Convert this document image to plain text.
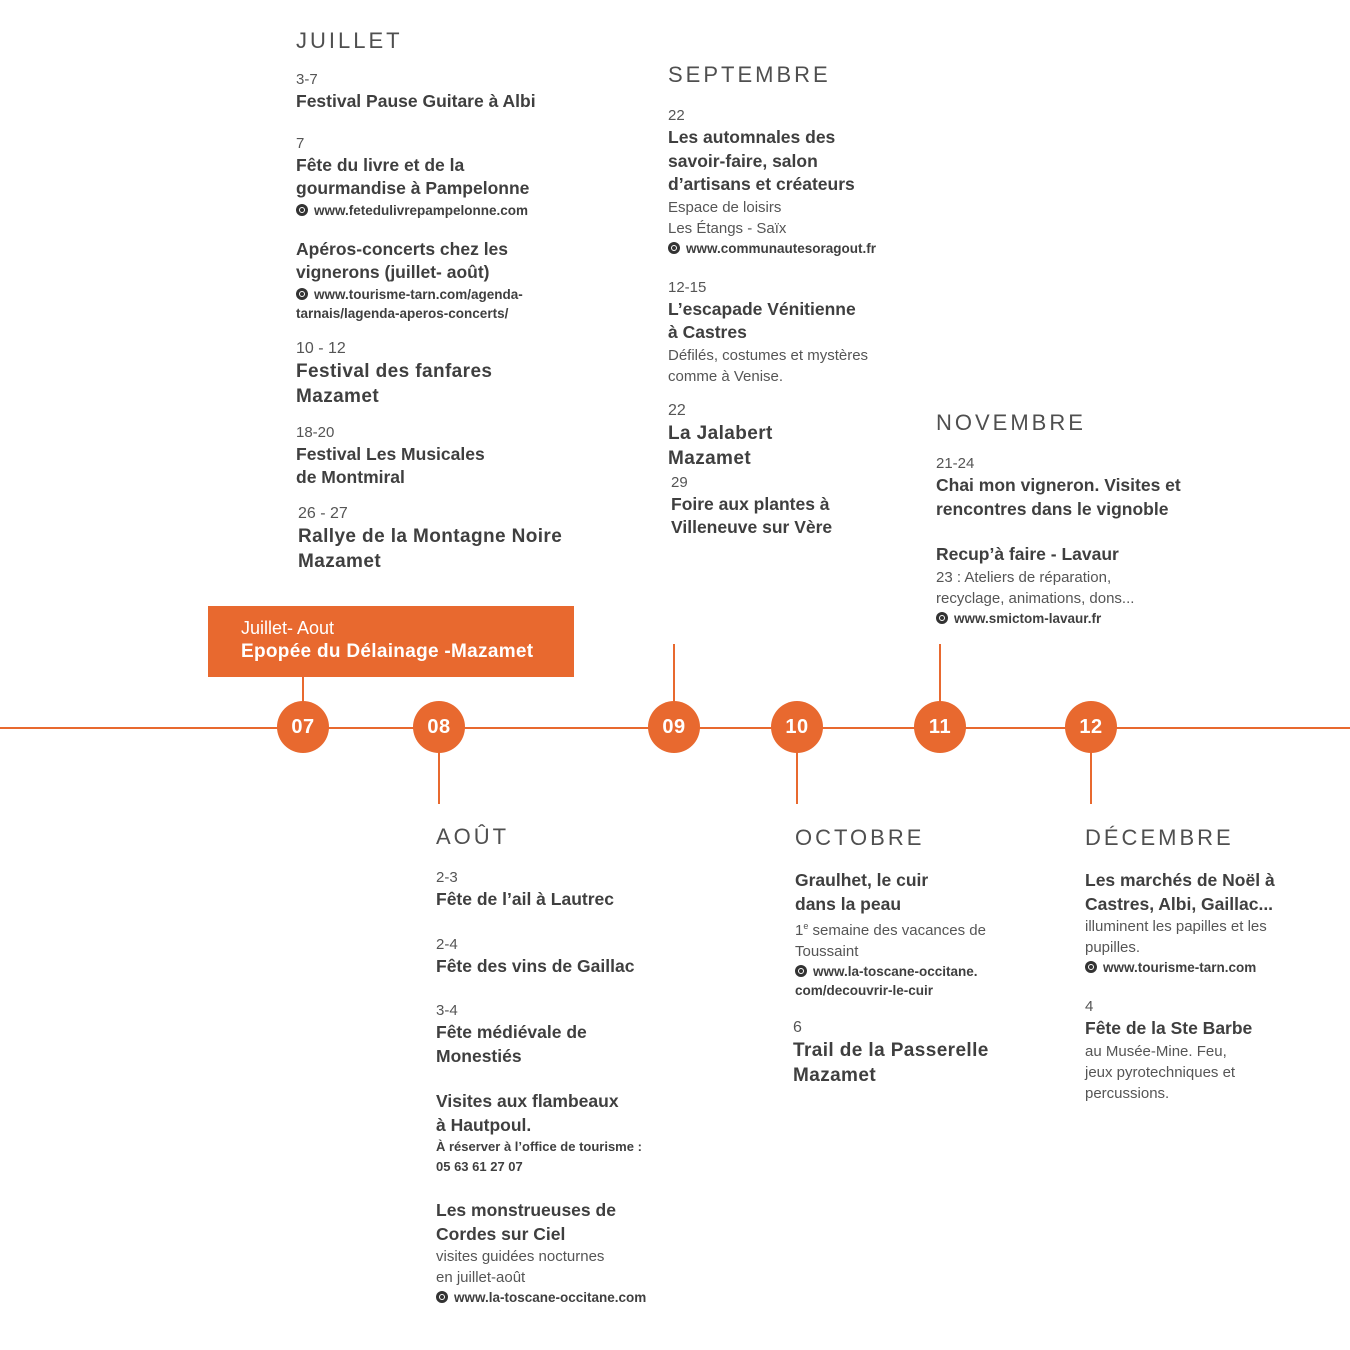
07	08	09	10	11	12
Juillet- Aout
Epopée du Délainage -Mazamet
JUILLET
3-7
Festival Pause Guitare à Albi
7
Fête du livre et de la
gourmandise à Pampelonne
www.fetedulivrepampelonne.com
Apéros-concerts chez les
vignerons (juillet- août)
www.tourisme-tarn.com/agenda-
tarnais/lagenda-aperos-concerts/
10 - 12
Festival des fanfares
Mazamet
18-20
Festival Les Musicales
de Montmiral
26 - 27
Rallye de la Montagne Noire
Mazamet
SEPTEMBRE
22
Les automnales des
savoir-faire, salon
d’artisans et créateurs
Espace de loisirs
Les Étangs - Saïx
www.communautesoragout.fr
12-15
L’escapade Vénitienne
à Castres
Défilés, costumes et mystères
comme à Venise.
22
La Jalabert
Mazamet
29
Foire aux plantes à
Villeneuve sur Vère
NOVEMBRE
21-24
Chai mon vigneron. Visites et
rencontres dans le vignoble
Recup’à faire - Lavaur
23 : Ateliers de réparation,
recyclage, animations, dons...
www.smictom-lavaur.fr
AOÛT
2-3
Fête de l’ail à Lautrec
2-4
Fête des vins de Gaillac
3-4
Fête médiévale de
Monestiés
Visites aux flambeaux
à Hautpoul.
À réserver à l’office de tourisme :
05 63 61 27 07
Les monstrueuses de
Cordes sur Ciel
visites guidées nocturnes
en juillet-août
www.la-toscane-occitane.com
OCTOBRE
Graulhet, le cuir
dans la peau
1e semaine des vacances de
Toussaint
www.la-toscane-occitane.
com/decouvrir-le-cuir
6
Trail de la Passerelle
Mazamet
DÉCEMBRE
Les marchés de Noël à
Castres, Albi, Gaillac...
illuminent les papilles et les
pupilles.
www.tourisme-tarn.com
4
Fête de la Ste Barbe
au Musée-Mine. Feu,
jeux pyrotechniques et
percussions.
